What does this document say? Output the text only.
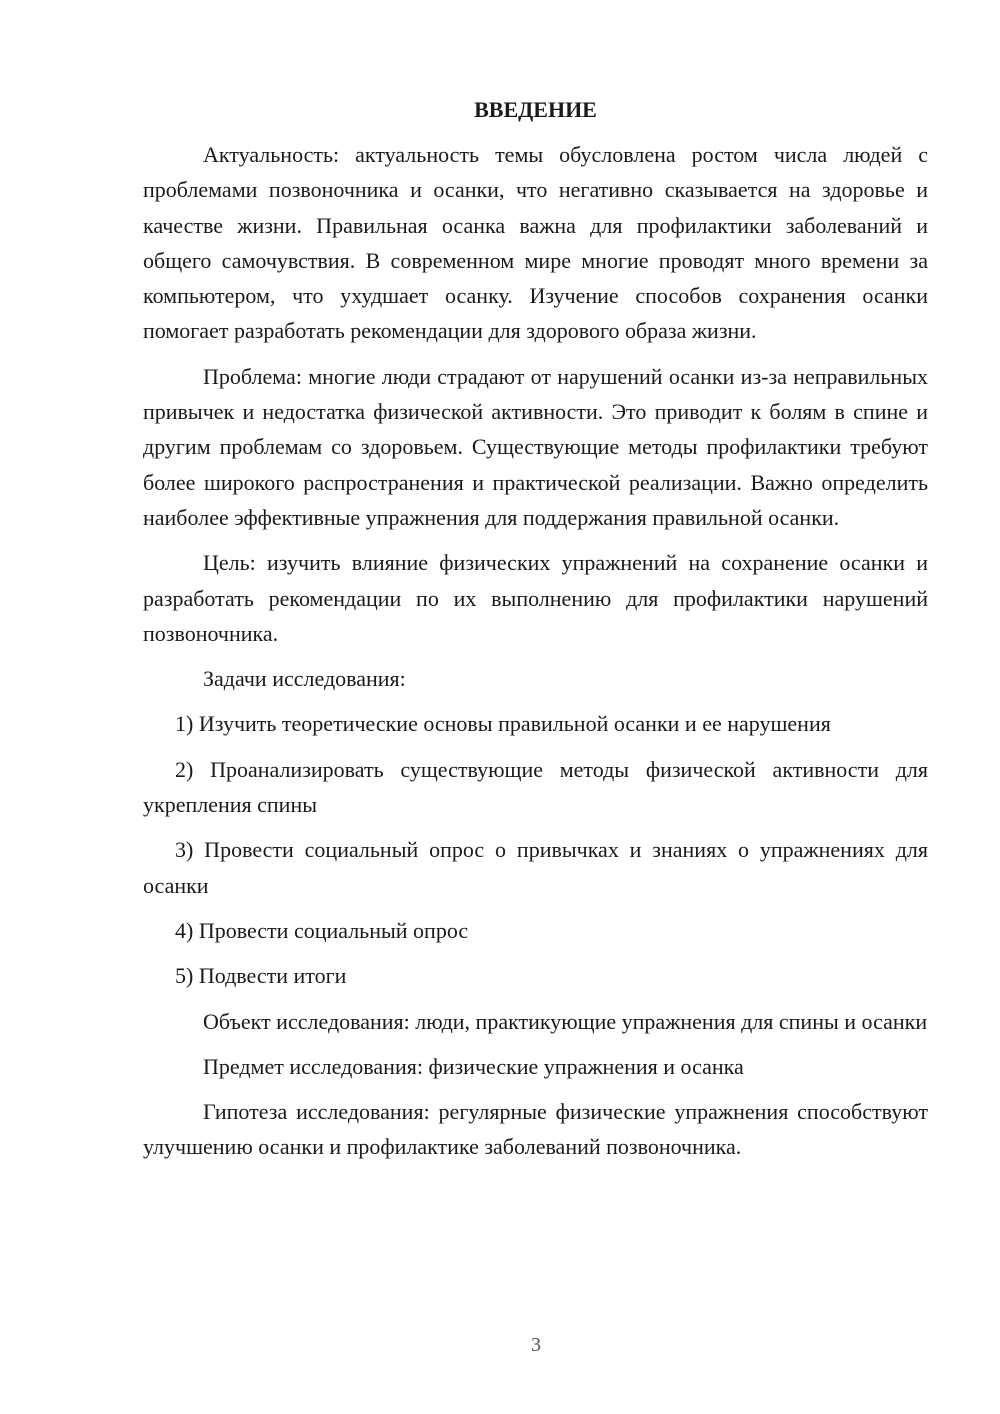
ВВЕДЕНИЕ

Актуальность: актуальность темы обусловлена ростом числа людей с проблемами позвоночника и осанки, что негативно сказывается на здоровье и качестве жизни. Правильная осанка важна для профилактики заболеваний и общего самочувствия. В современном мире многие проводят много времени за компьютером, что ухудшает осанку. Изучение способов сохранения осанки помогает разработать рекомендации для здорового образа жизни.

Проблема: многие люди страдают от нарушений осанки из-за неправильных привычек и недостатка физической активности. Это приводит к болям в спине и другим проблемам со здоровьем. Существующие методы профилактики требуют более широкого распространения и практической реализации. Важно определить наиболее эффективные упражнения для поддержания правильной осанки.

Цель: изучить влияние физических упражнений на сохранение осанки и разработать рекомендации по их выполнению для профилактики нарушений позвоночника.

Задачи исследования:

1) Изучить теоретические основы правильной осанки и ее нарушения

2) Проанализировать существующие методы физической активности для укрепления спины

3) Провести социальный опрос о привычках и знаниях о упражнениях для осанки

4) Провести социальный опрос

5) Подвести итоги

Объект исследования: люди, практикующие упражнения для спины и осанки

Предмет исследования: физические упражнения и осанка

Гипотеза исследования: регулярные физические упражнения способствуют улучшению осанки и профилактике заболеваний позвоночника.

3
